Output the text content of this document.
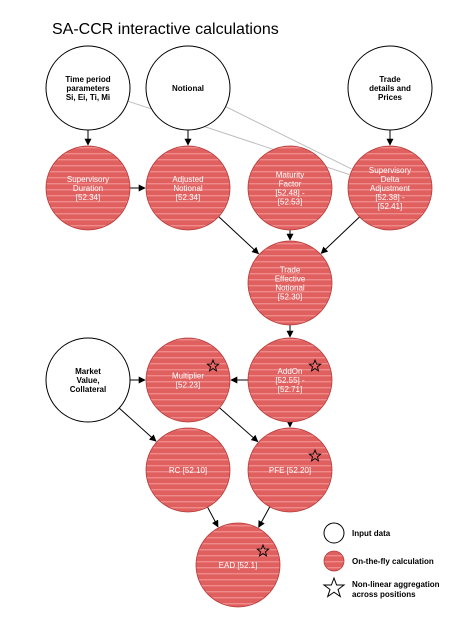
SA-CCR interactive calculations
Time period
parameters
Si, Ei, Ti, Mi
Notional
Trade
details and
Prices
Supervisory
Duration
[52.34]
Adjusted
Notional
[52.34]
Maturity
Factor
[52.48] -
[52.53]
Supervisory
Delta
Adjustment
[52.38] -
[52.41]
Trade
Effective
Notional
[52.30]
Market
Value,
Collateral
Multiplier
[52.23]
AddOn
[52.55] -
[52.71]
RC [52.10]	PFE [52.20]
EAD [52.1]
Input data
On-the-fly calculation
Non-linear aggregation
across positions
